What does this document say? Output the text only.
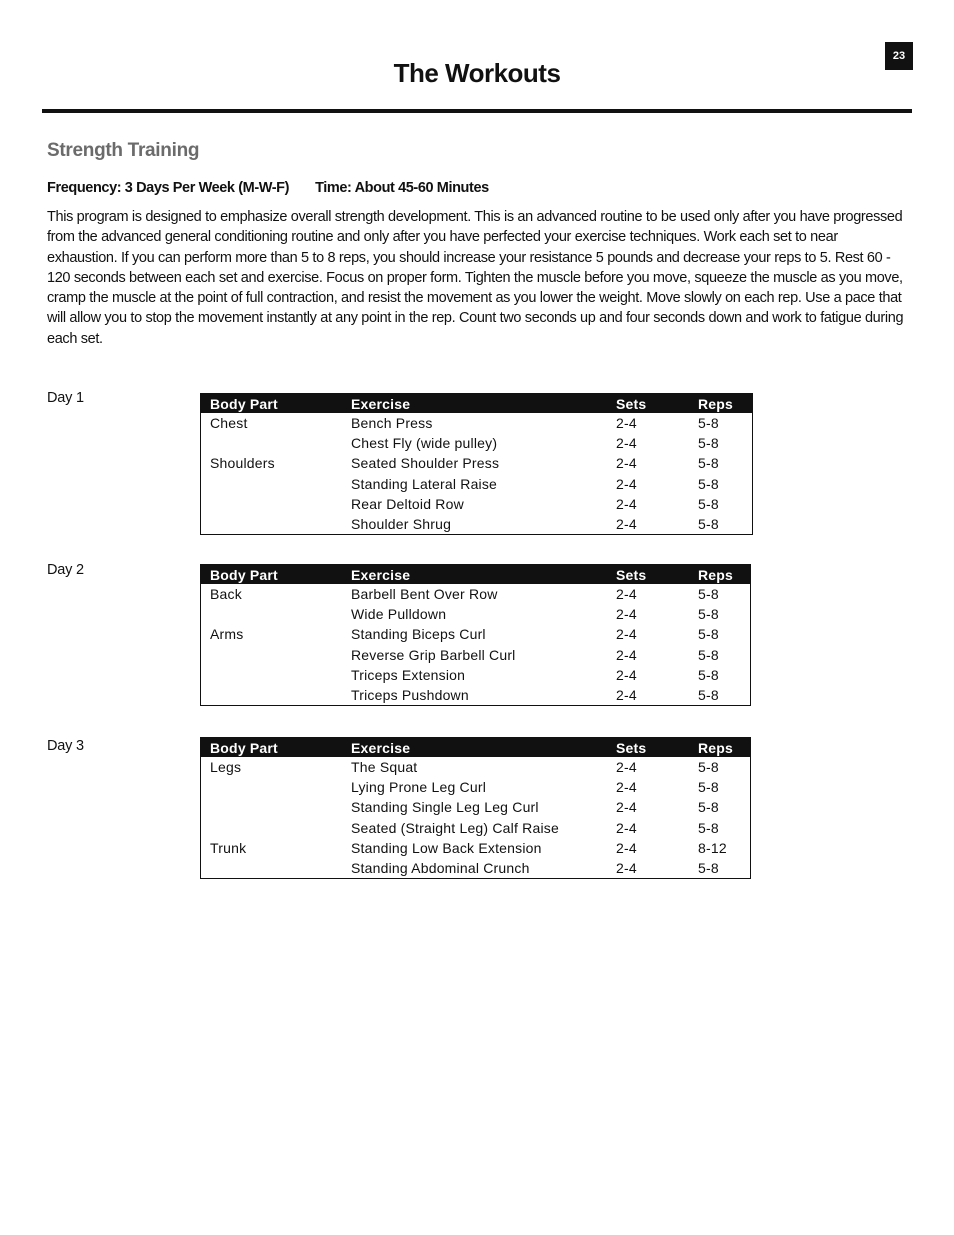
23
The Workouts
Strength Training
Frequency: 3 Days Per Week (M-W-F) Time: About 45-60 Minutes

This program is designed to emphasize overall strength development. This is an advanced routine to be used only after you have progressed from the advanced general conditioning routine and only after you have perfected your exercise techniques. Work each set to near exhaustion. If you can perform more than 5 to 8 reps, you should increase your resistance 5 pounds and decrease your reps to 5. Rest 60 - 120 seconds between each set and exercise. Focus on proper form. Tighten the muscle before you move, squeeze the muscle as you move, cramp the muscle at the point of full contraction, and resist the movement as you lower the weight. Move slowly on each rep. Use a pace that will allow you to stop the movement instantly at any point in the rep. Count two seconds up and four seconds down and work to fatigue during each set.

Day 1	Body Part	Exercise	Sets	Reps
Chest	Bench Press	2-4	5-8
	Chest Fly (wide pulley)	2-4	5-8
Shoulders	Seated Shoulder Press	2-4	5-8
	Standing Lateral Raise	2-4	5-8
	Rear Deltoid Row	2-4	5-8
	Shoulder Shrug	2-4	5-8
Day 2	Body Part	Exercise	Sets	Reps
Back	Barbell Bent Over Row	2-4	5-8
	Wide Pulldown	2-4	5-8
Arms	Standing Biceps Curl	2-4	5-8
	Reverse Grip Barbell Curl	2-4	5-8
	Triceps Extension	2-4	5-8
	Triceps Pushdown	2-4	5-8
Day 3	Body Part	Exercise	Sets	Reps
Legs	The Squat	2-4	5-8
	Lying Prone Leg Curl	2-4	5-8
	Standing Single Leg Leg Curl	2-4	5-8
	Seated (Straight Leg) Calf Raise	2-4	5-8
Trunk	Standing Low Back Extension	2-4	8-12
	Standing Abdominal Crunch	2-4	5-8
